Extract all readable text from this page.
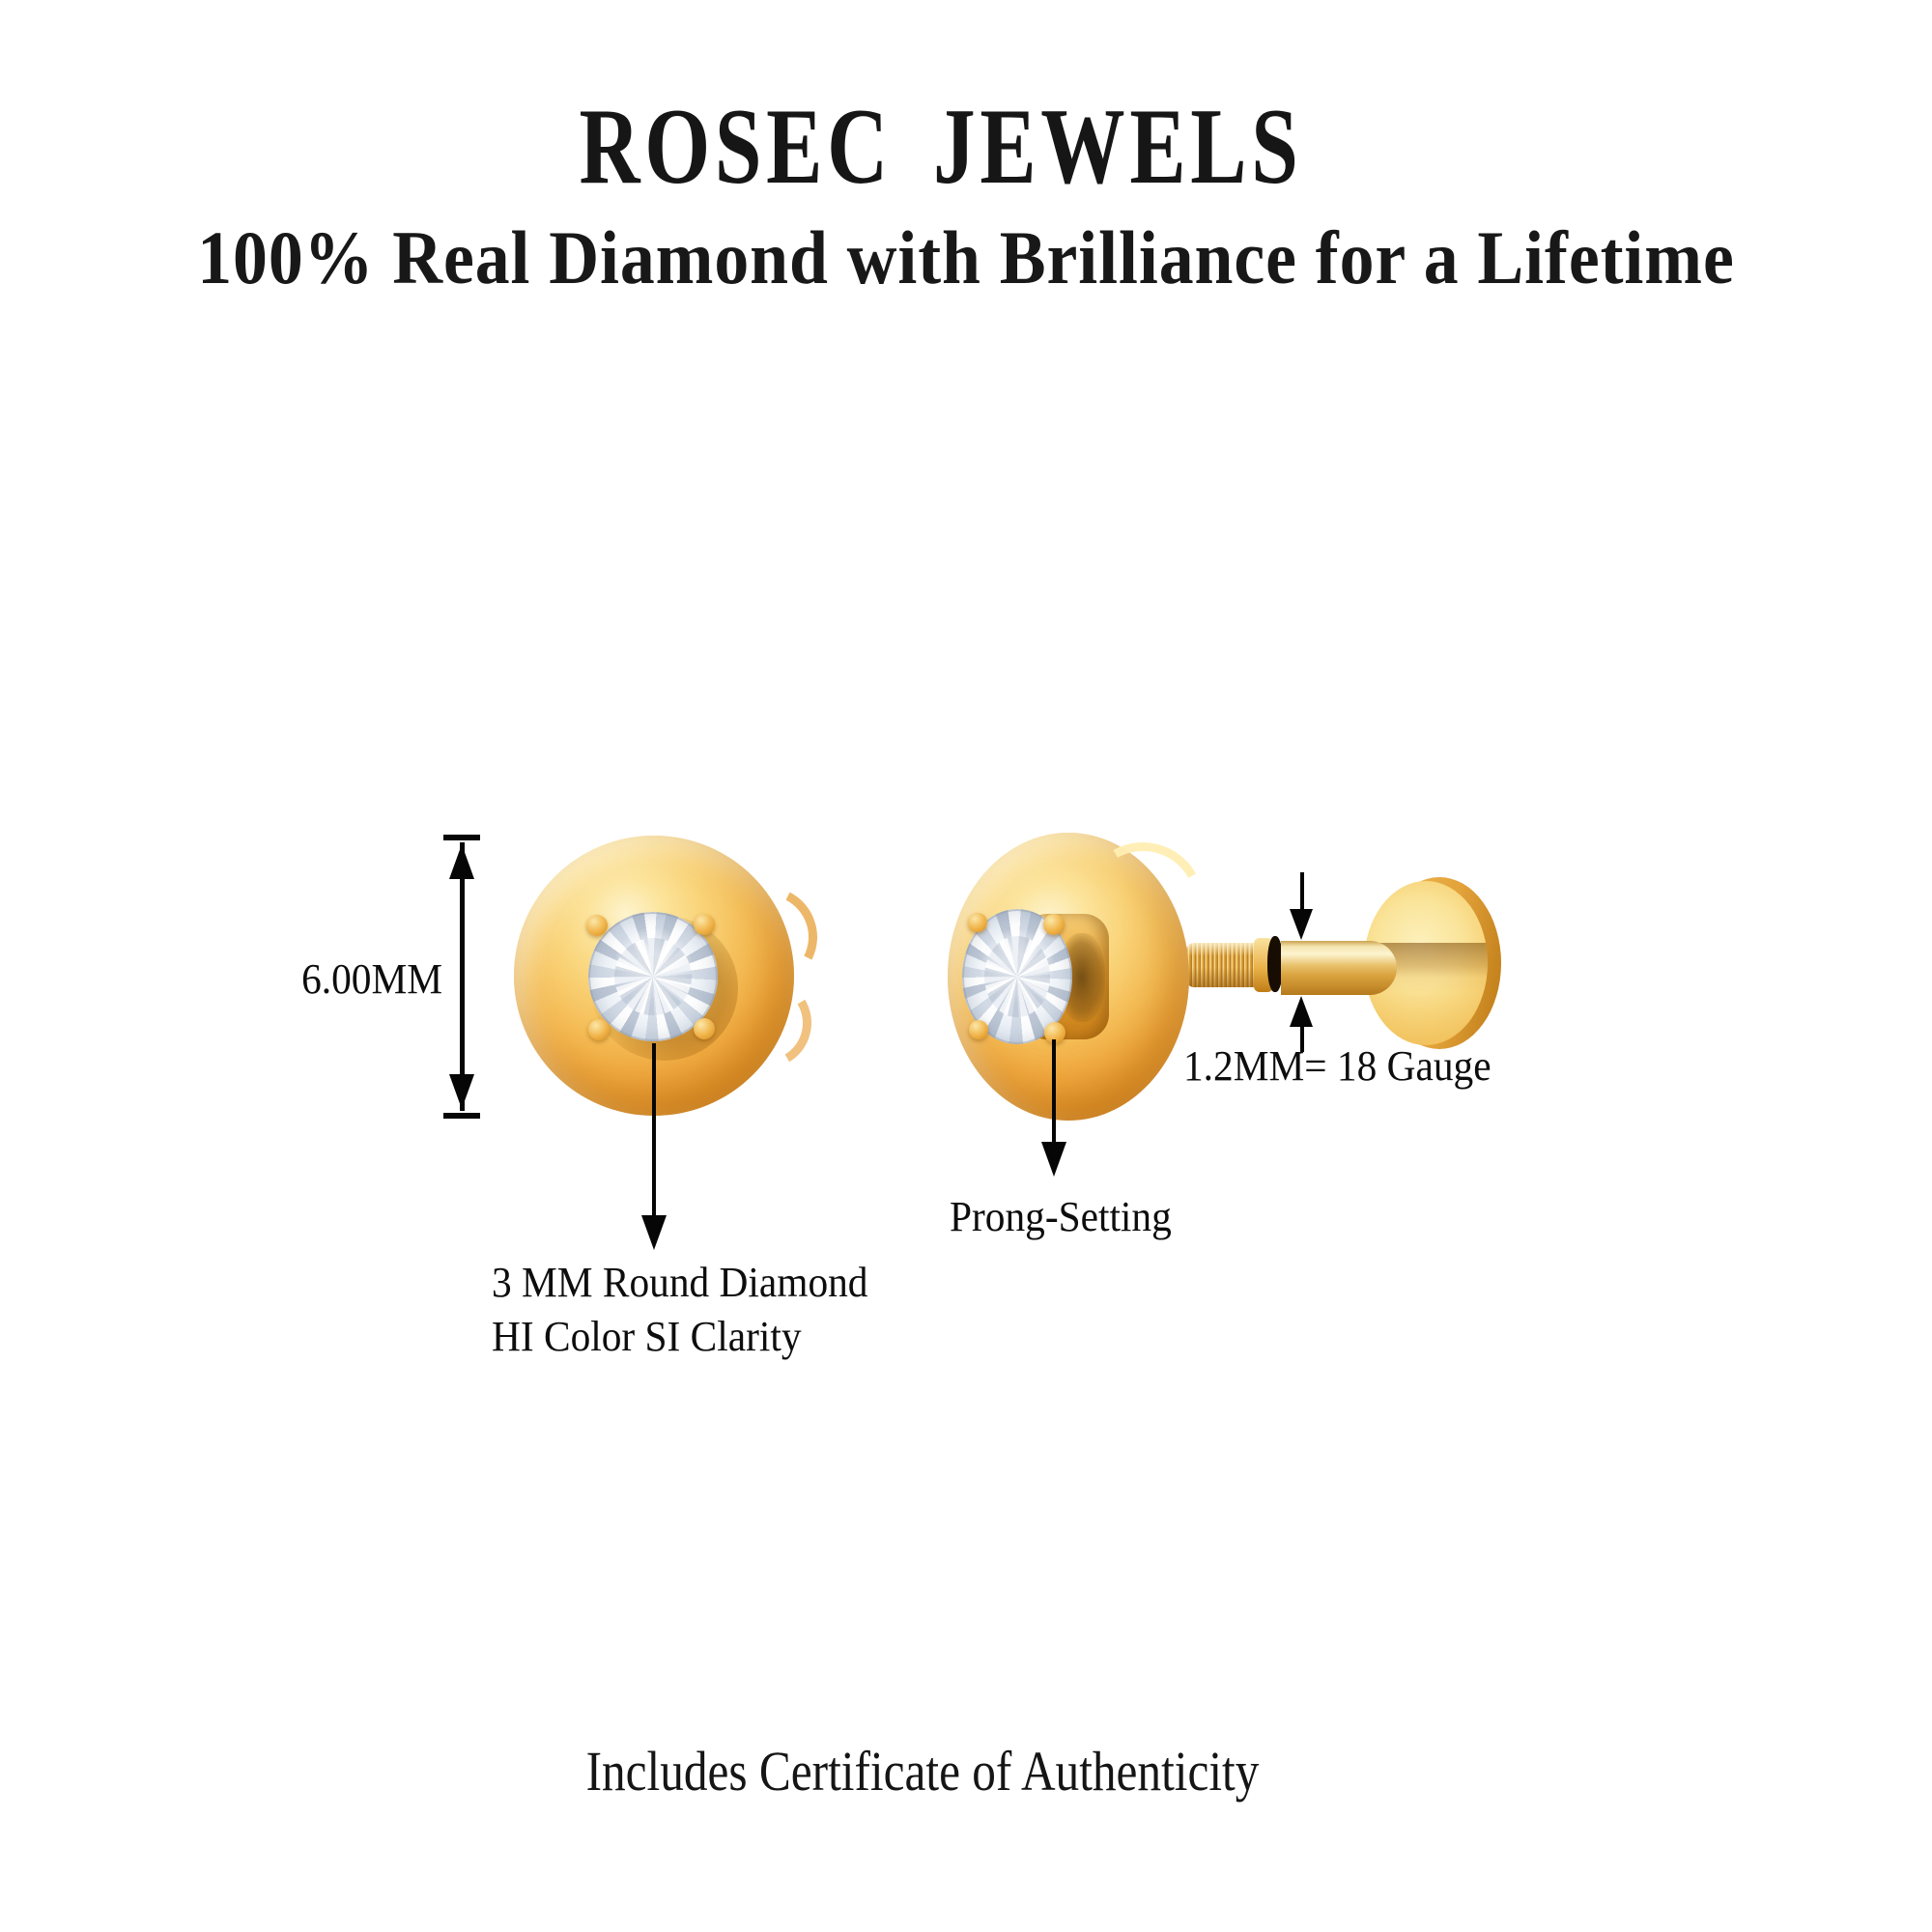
ROSEC JEWELS
100% Real Diamond with Brilliance for a Lifetime
6.00MM
3 MM Round Diamond
HI Color SI Clarity
1.2MM= 18 Gauge
Prong-Setting
Includes Certificate of Authenticity
